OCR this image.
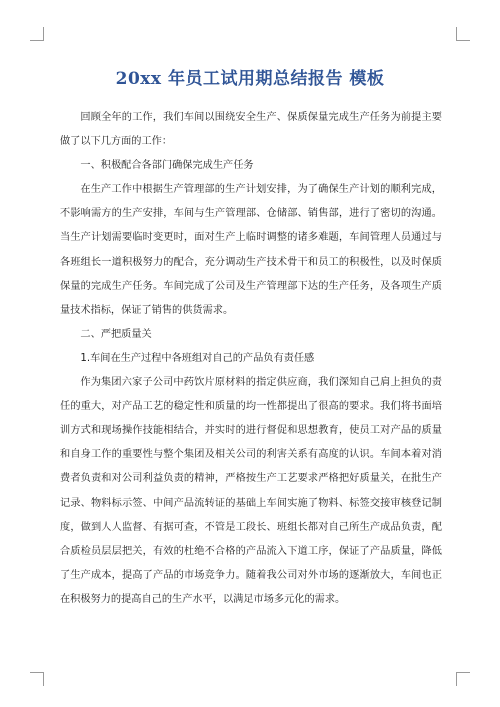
20xx 年员工试用期总结报告 模板

回顾全年的工作，我们车间以围绕安全生产、保质保量完成生产任务为前提主要做了以下几方面的工作：

一、积极配合各部门确保完成生产任务

在生产工作中根据生产管理部的生产计划安排，为了确保生产计划的顺利完成，不影响需方的生产安排，车间与生产管理部、仓储部、销售部，进行了密切的沟通。当生产计划需要临时变更时，面对生产上临时调整的诸多难题，车间管理人员通过与各班组长一道积极努力的配合，充分调动生产技术骨干和员工的积极性，以及时保质保量的完成生产任务。车间完成了公司及生产管理部下达的生产任务，及各项生产质量技术指标，保证了销售的供货需求。

二、严把质量关

1.车间在生产过程中各班组对自己的产品负有责任感

作为集团六家子公司中药饮片原材料的指定供应商，我们深知自己肩上担负的责任的重大，对产品工艺的稳定性和质量的均一性都提出了很高的要求。我们将书面培训方式和现场操作技能相结合，并实时的进行督促和思想教育，使员工对产品的质量和自身工作的重要性与整个集团及相关公司的利害关系有高度的认识。车间本着对消费者负责和对公司利益负责的精神，严格按生产工艺要求严格把好质量关，在批生产记录、物料标示签、中间产品流转证的基础上车间实施了物料、标签交接审核登记制度，做到人人监督、有据可查，不管是工段长、班组长都对自己所生产成品负责，配合质检员层层把关，有效的杜绝不合格的产品流入下道工序，保证了产品质量，降低了生产成本，提高了产品的市场竞争力。随着我公司对外市场的逐渐放大，车间也正在积极努力的提高自己的生产水平，以满足市场多元化的需求。
